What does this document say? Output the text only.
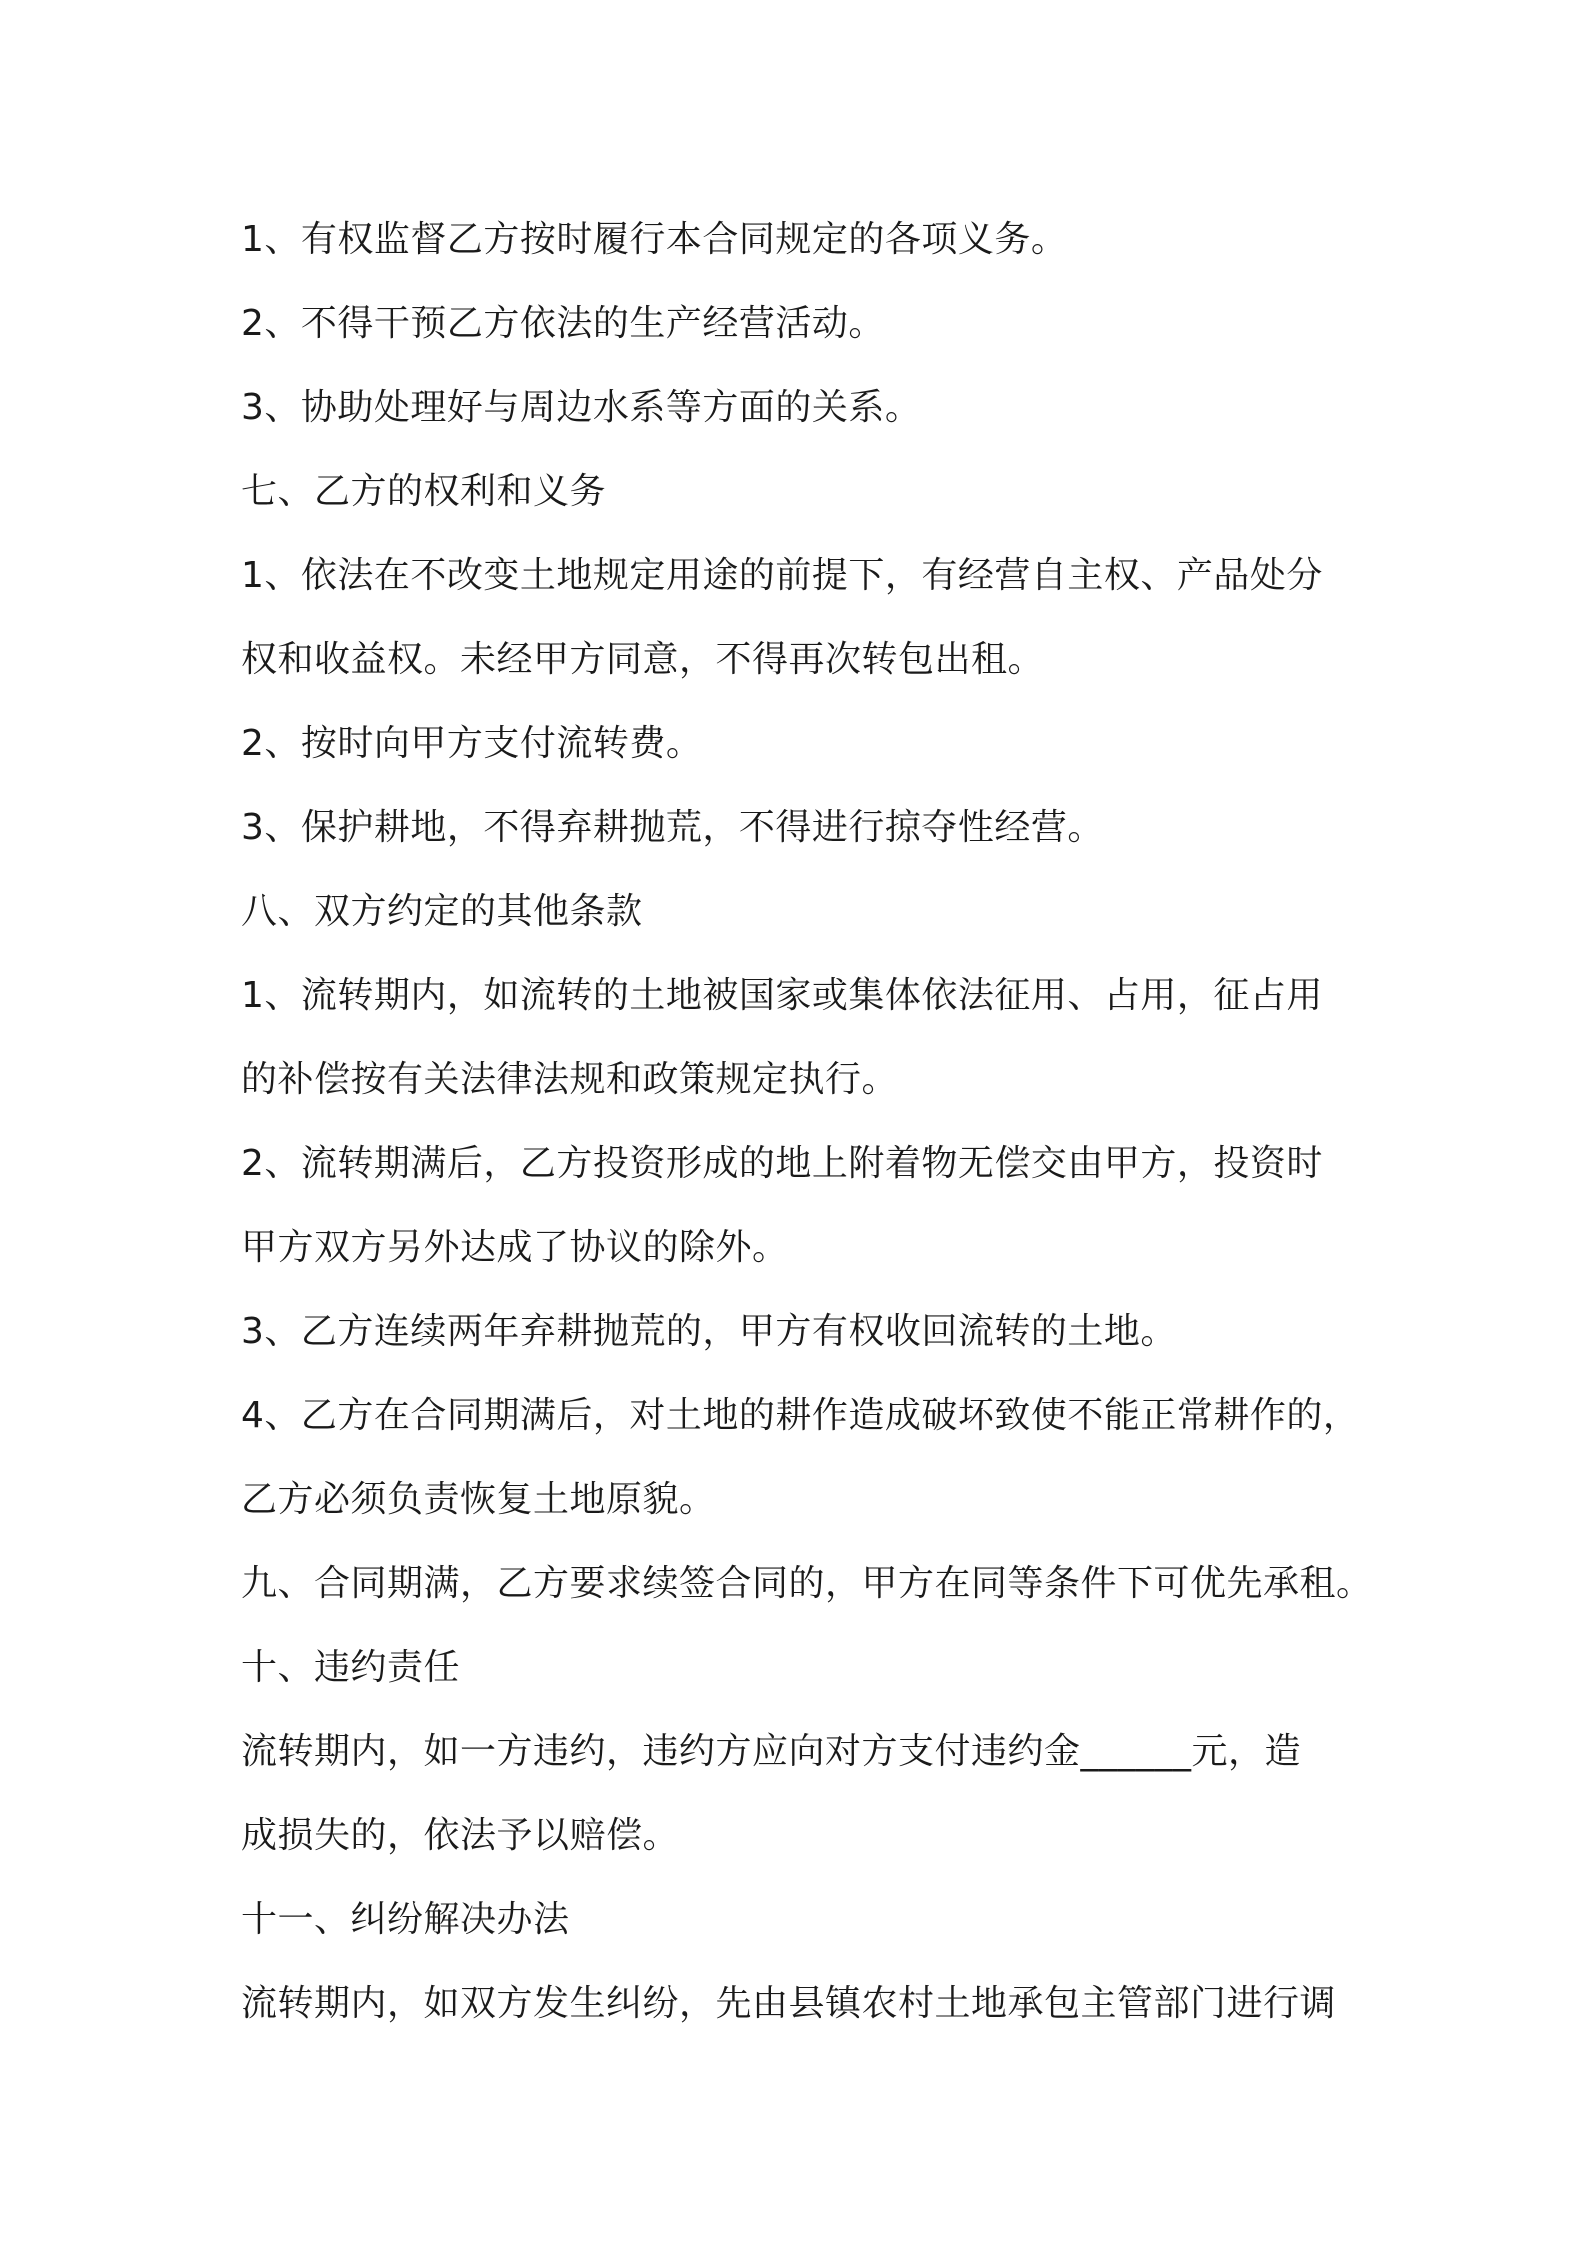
1、有权监督乙方按时履行本合同规定的各项义务。
2、不得干预乙方依法的生产经营活动。
3、协助处理好与周边水系等方面的关系。
七、乙方的权利和义务
1、依法在不改变土地规定用途的前提下，有经营自主权、产品处分
权和收益权。未经甲方同意，不得再次转包出租。
2、按时向甲方支付流转费。
3、保护耕地，不得弃耕抛荒，不得进行掠夺性经营。
八、双方约定的其他条款
1、流转期内，如流转的土地被国家或集体依法征用、占用，征占用
的补偿按有关法律法规和政策规定执行。
2、流转期满后，乙方投资形成的地上附着物无偿交由甲方，投资时
甲方双方另外达成了协议的除外。
3、乙方连续两年弃耕抛荒的，甲方有权收回流转的土地。
4、乙方在合同期满后，对土地的耕作造成破坏致使不能正常耕作的，
乙方必须负责恢复土地原貌。
九、合同期满，乙方要求续签合同的，甲方在同等条件下可优先承租。
十、违约责任
流转期内，如一方违约，违约方应向对方支付违约金______元，造
成损失的，依法予以赔偿。
十一、纠纷解决办法
流转期内，如双方发生纠纷，先由县镇农村土地承包主管部门进行调
